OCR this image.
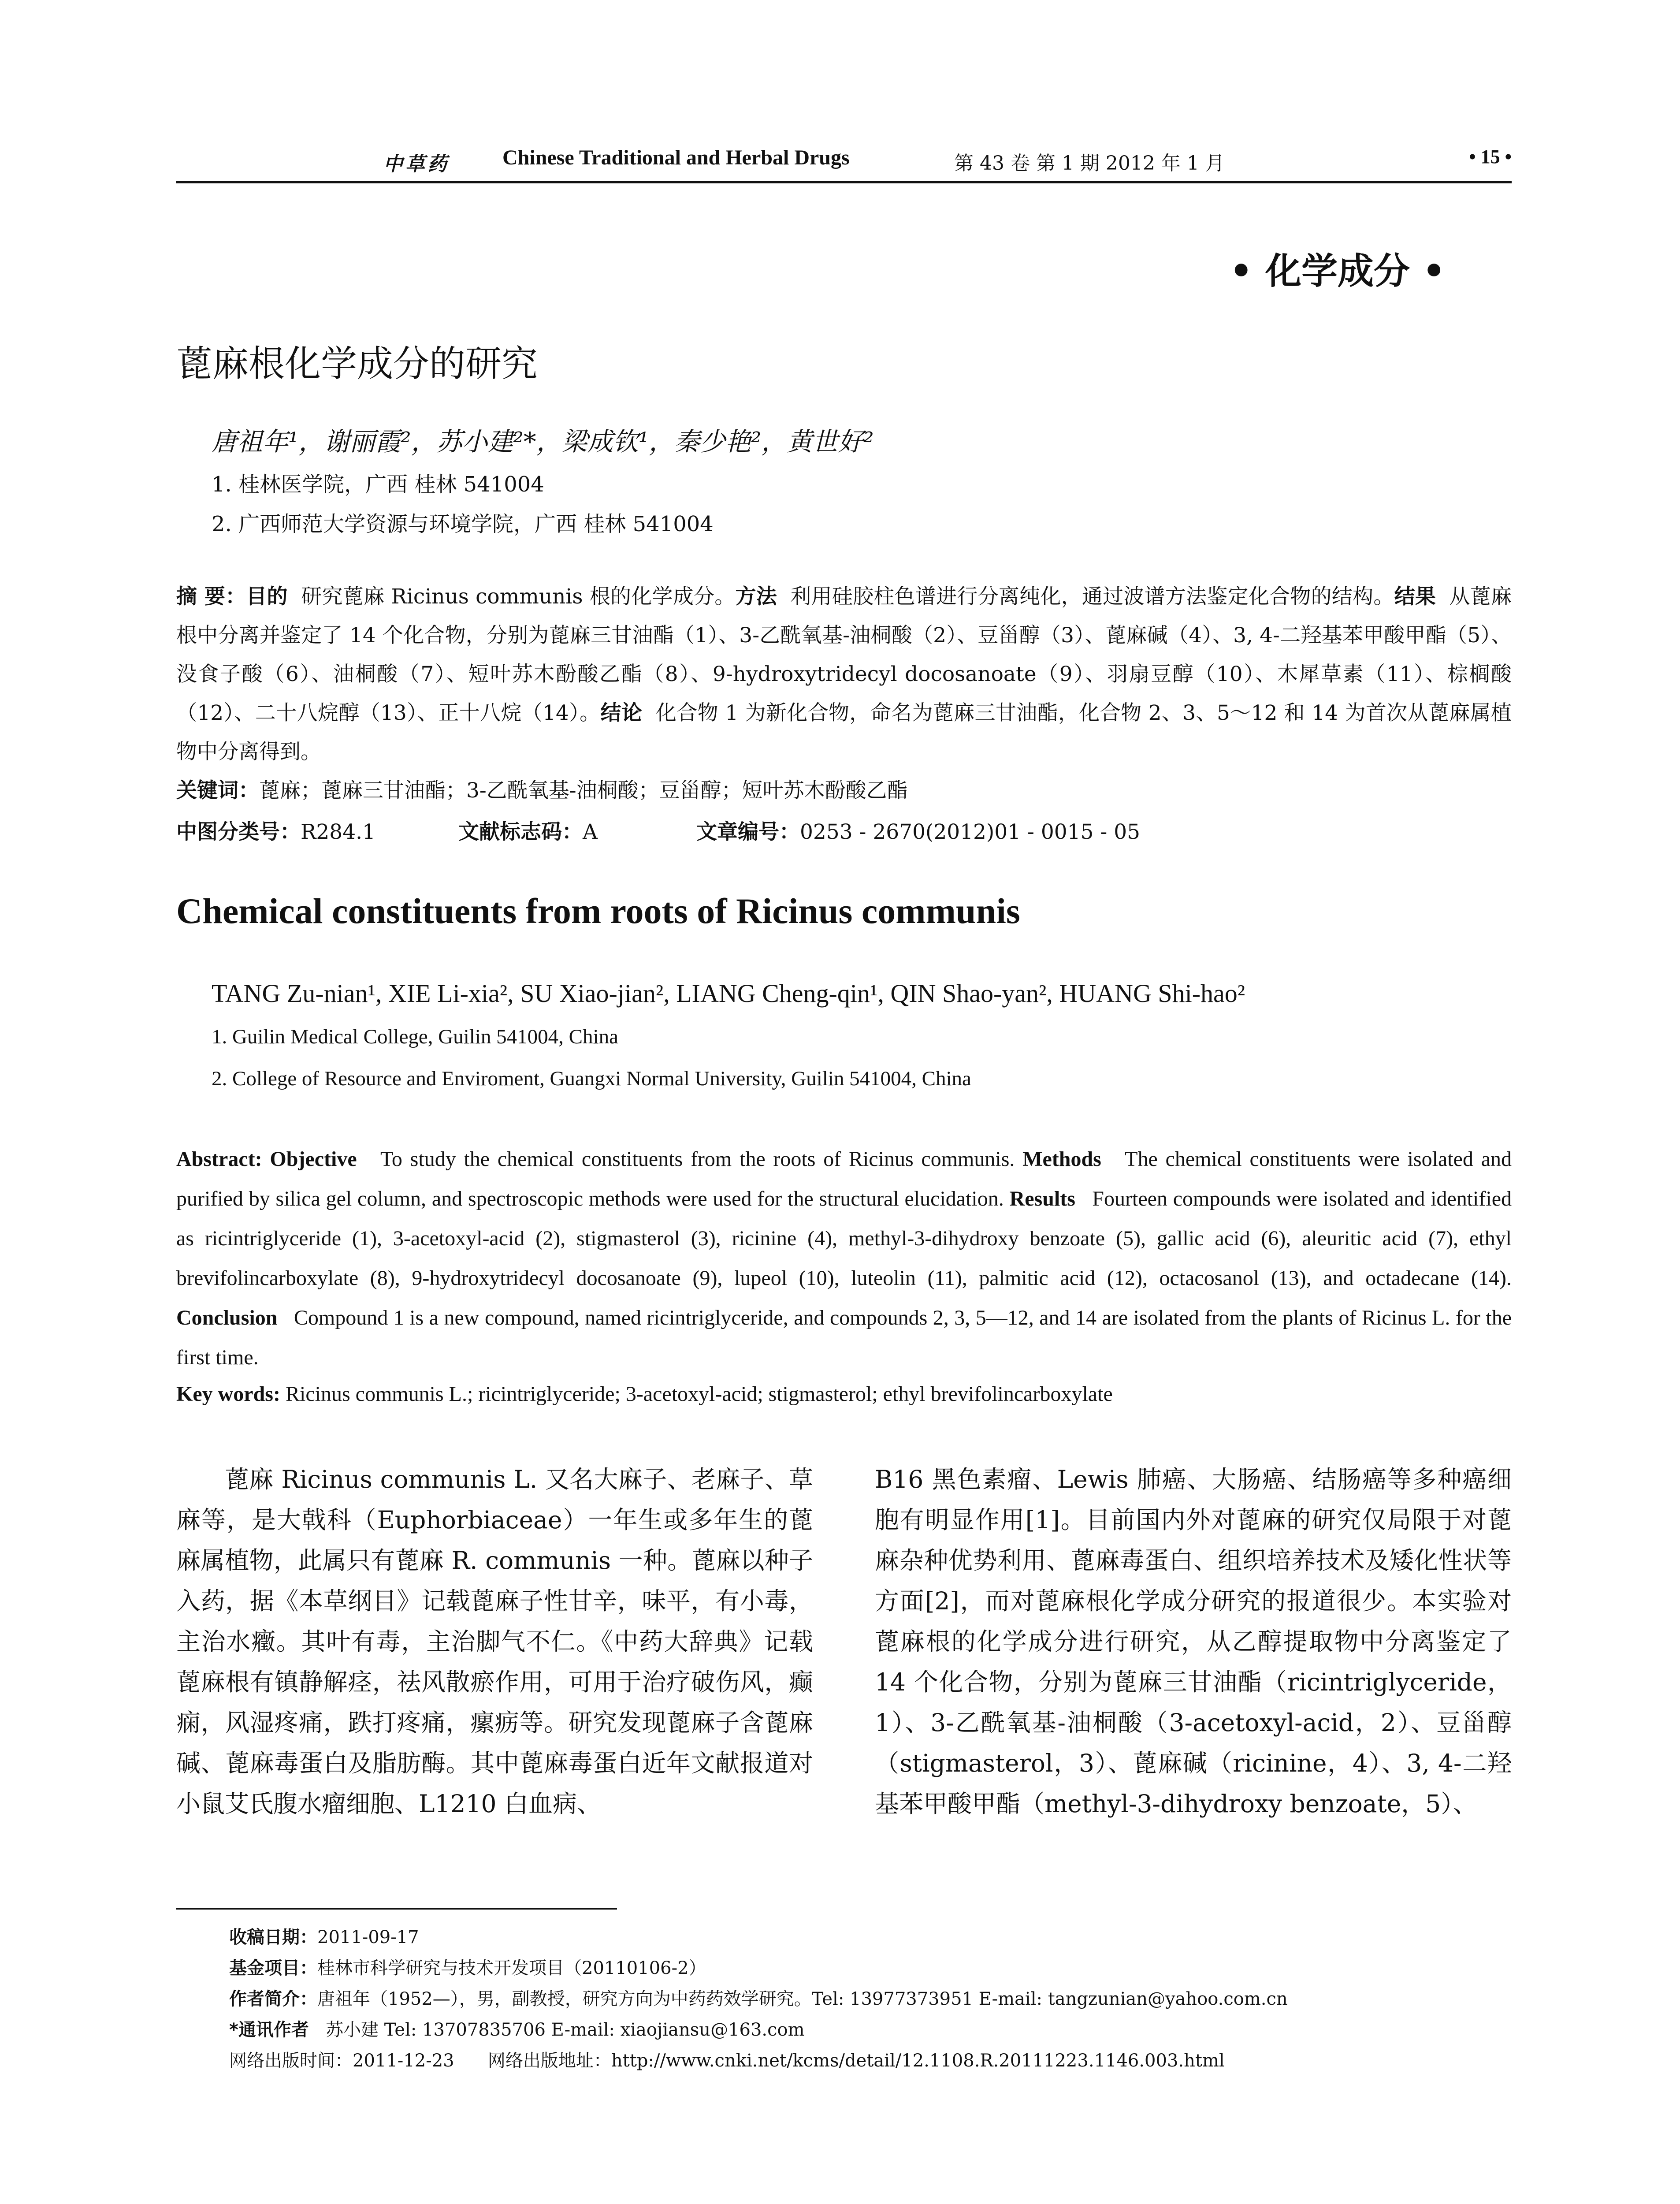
中草药	Chinese Traditional and Herbal Drugs	第 43 卷 第 1 期 2012 年 1 月	• 15 •
• 化学成分 •
蓖麻根化学成分的研究
唐祖年¹，谢丽霞²，苏小建²*，梁成钦¹，秦少艳²，黄世好²
1. 桂林医学院，广西 桂林 541004
2. 广西师范大学资源与环境学院，广西 桂林 541004
摘 要：目的 研究蓖麻 Ricinus communis 根的化学成分。方法 利用硅胶柱色谱进行分离纯化，通过波谱方法鉴定化合物的结构。结果 从蓖麻根中分离并鉴定了 14 个化合物，分别为蓖麻三甘油酯（1）、3-乙酰氧基-油桐酸（2）、豆甾醇（3）、蓖麻碱（4）、3, 4-二羟基苯甲酸甲酯（5）、没食子酸（6）、油桐酸（7）、短叶苏木酚酸乙酯（8）、9-hydroxytridecyl docosanoate（9）、羽扇豆醇（10）、木犀草素（11）、棕榈酸（12）、二十八烷醇（13）、正十八烷（14）。结论 化合物 1 为新化合物，命名为蓖麻三甘油酯，化合物 2、3、5～12 和 14 为首次从蓖麻属植物中分离得到。
关键词：蓖麻；蓖麻三甘油酯；3-乙酰氧基-油桐酸；豆甾醇；短叶苏木酚酸乙酯
中图分类号：R284.1	文献标志码：A	文章编号：0253 - 2670(2012)01 - 0015 - 05
Chemical constituents from roots of Ricinus communis
TANG Zu-nian¹, XIE Li-xia², SU Xiao-jian², LIANG Cheng-qin¹, QIN Shao-yan², HUANG Shi-hao²
1. Guilin Medical College, Guilin 541004, China
2. College of Resource and Enviroment, Guangxi Normal University, Guilin 541004, China
Abstract: Objective To study the chemical constituents from the roots of Ricinus communis. Methods The chemical constituents were isolated and purified by silica gel column, and spectroscopic methods were used for the structural elucidation. Results Fourteen compounds were isolated and identified as ricintriglyceride (1), 3-acetoxyl-acid (2), stigmasterol (3), ricinine (4), methyl-3-dihydroxy benzoate (5), gallic acid (6), aleuritic acid (7), ethyl brevifolincarboxylate (8), 9-hydroxytridecyl docosanoate (9), lupeol (10), luteolin (11), palmitic acid (12), octacosanol (13), and octadecane (14). Conclusion Compound 1 is a new compound, named ricintriglyceride, and compounds 2, 3, 5—12, and 14 are isolated from the plants of Ricinus L. for the first time.
Key words: Ricinus communis L.; ricintriglyceride; 3-acetoxyl-acid; stigmasterol; ethyl brevifolincarboxylate
蓖麻 Ricinus communis L. 又名大麻子、老麻子、草麻等，是大戟科（Euphorbiaceae）一年生或多年生的蓖麻属植物，此属只有蓖麻 R. communis 一种。蓖麻以种子入药，据《本草纲目》记载蓖麻子性甘辛，味平，有小毒，主治水癥。其叶有毒，主治脚气不仁。《中药大辞典》记载蓖麻根有镇静解痉，祛风散瘀作用，可用于治疗破伤风，癫痫，风湿疼痛，跌打疼痛，瘰疬等。研究发现蓖麻子含蓖麻碱、蓖麻毒蛋白及脂肪酶。其中蓖麻毒蛋白近年文献报道对小鼠艾氏腹水瘤细胞、L1210 白血病、
B16 黑色素瘤、Lewis 肺癌、大肠癌、结肠癌等多种癌细胞有明显作用[1]。目前国内外对蓖麻的研究仅局限于对蓖麻杂种优势利用、蓖麻毒蛋白、组织培养技术及矮化性状等方面[2]，而对蓖麻根化学成分研究的报道很少。本实验对蓖麻根的化学成分进行研究，从乙醇提取物中分离鉴定了 14 个化合物，分别为蓖麻三甘油酯（ricintriglyceride，1）、3-乙酰氧基-油桐酸（3-acetoxyl-acid，2）、豆甾醇（stigmasterol，3）、蓖麻碱（ricinine，4）、3, 4-二羟基苯甲酸甲酯（methyl-3-dihydroxy benzoate，5）、
收稿日期：2011-09-17
基金项目：桂林市科学研究与技术开发项目（20110106-2）
作者简介：唐祖年（1952—），男，副教授，研究方向为中药药效学研究。Tel: 13977373951 E-mail: tangzunian@yahoo.com.cn
*通讯作者 苏小建 Tel: 13707835706 E-mail: xiaojiansu@163.com
网络出版时间：2011-12-23 网络出版地址：http://www.cnki.net/kcms/detail/12.1108.R.20111223.1146.003.html
